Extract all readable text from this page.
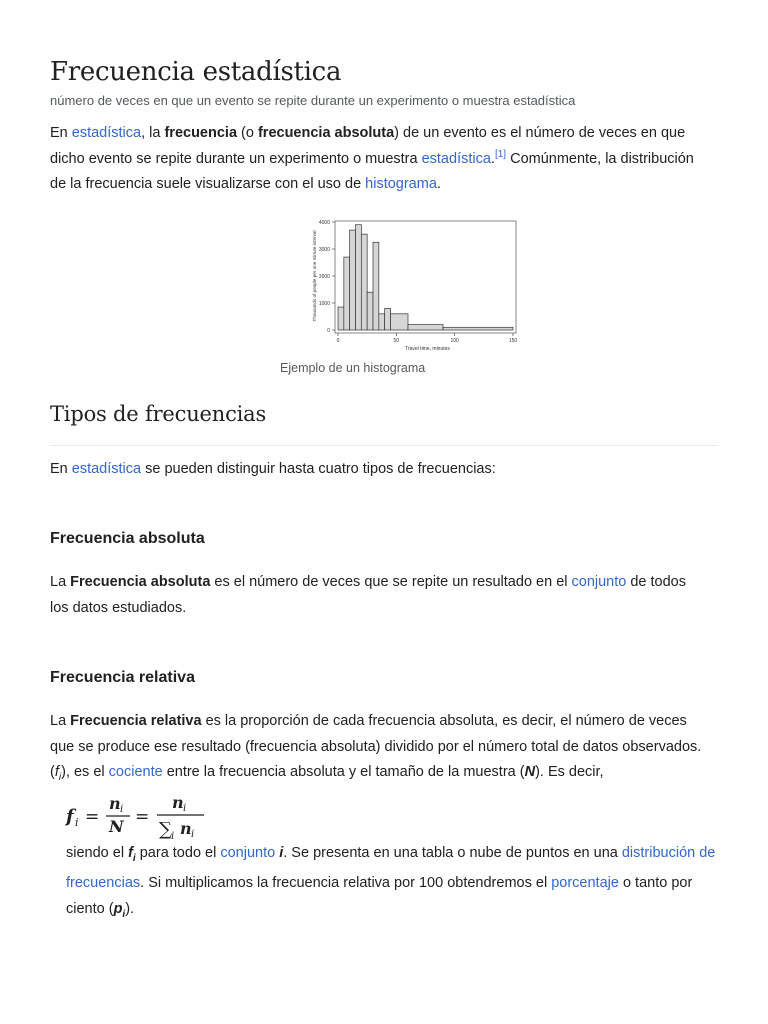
Frecuencia estadística
número de veces en que un evento se repite durante un experimento o muestra estadística
En estadística, la frecuencia (o frecuencia absoluta) de un evento es el número de veces en que dicho evento se repite durante un experimento o muestra estadística.[1] Comúnmente, la distribución de la frecuencia suele visualizarse con el uso de histograma.
0
1000
2000
3000
4000
0	50	100	150
Travel time, minutes
Thousands of people per one minute interval
Ejemplo de un histograma
Tipos de frecuencias
En estadística se pueden distinguir hasta cuatro tipos de frecuencias:
Frecuencia absoluta
La Frecuencia absoluta es el número de veces que se repite un resultado en el conjunto de todos los datos estudiados.
Frecuencia relativa
La Frecuencia relativa es la proporción de cada frecuencia absoluta, es decir, el número de veces que se produce ese resultado (frecuencia absoluta) dividido por el número total de datos observados. $(f_i)$, es el cociente entre la frecuencia absoluta y el tamaño de la muestra (N). Es decir,
siendo el $f_i$ para todo el conjunto i. Se presenta en una tabla o nube de puntos en una distribución de frecuencias. Si multiplicamos la frecuencia relativa por 100 obtendremos el porcentaje o tanto por ciento $(p_i)$.
f i =
n i
N =
n i
∑ i n i
